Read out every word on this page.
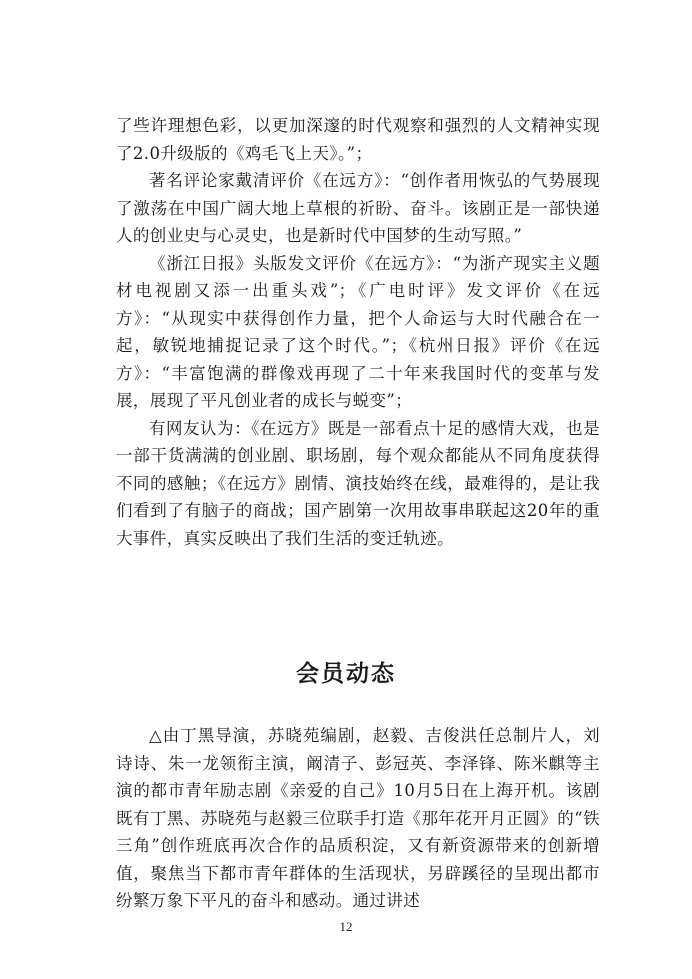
了些许理想色彩，以更加深邃的时代观察和强烈的人文精神实现了2.0升级版的《鸡毛飞上天》。”；

著名评论家戴清评价《在远方》：“创作者用恢弘的气势展现了激荡在中国广阔大地上草根的祈盼、奋斗。该剧正是一部快递人的创业史与心灵史，也是新时代中国梦的生动写照。”

《浙江日报》头版发文评价《在远方》：“为浙产现实主义题材电视剧又添一出重头戏”；《广电时评》发文评价《在远方》：“从现实中获得创作力量，把个人命运与大时代融合在一起，敏锐地捕捉记录了这个时代。”；《杭州日报》评价《在远方》：“丰富饱满的群像戏再现了二十年来我国时代的变革与发展，展现了平凡创业者的成长与蜕变”；

有网友认为：《在远方》既是一部看点十足的感情大戏，也是一部干货满满的创业剧、职场剧，每个观众都能从不同角度获得不同的感触；《在远方》剧情、演技始终在线，最难得的，是让我们看到了有脑子的商战；国产剧第一次用故事串联起这20年的重大事件，真实反映出了我们生活的变迁轨迹。

会员动态

△由丁黑导演，苏晓苑编剧，赵毅、吉俊洪任总制片人，刘诗诗、朱一龙领衔主演，阚清子、彭冠英、李泽锋、陈米麒等主演的都市青年励志剧《亲爱的自己》10月5日在上海开机。该剧既有丁黑、苏晓苑与赵毅三位联手打造《那年花开月正圆》的“铁三角”创作班底再次合作的品质积淀，又有新资源带来的创新增值，聚焦当下都市青年群体的生活现状，另辟蹊径的呈现出都市纷繁万象下平凡的奋斗和感动。通过讲述

12
